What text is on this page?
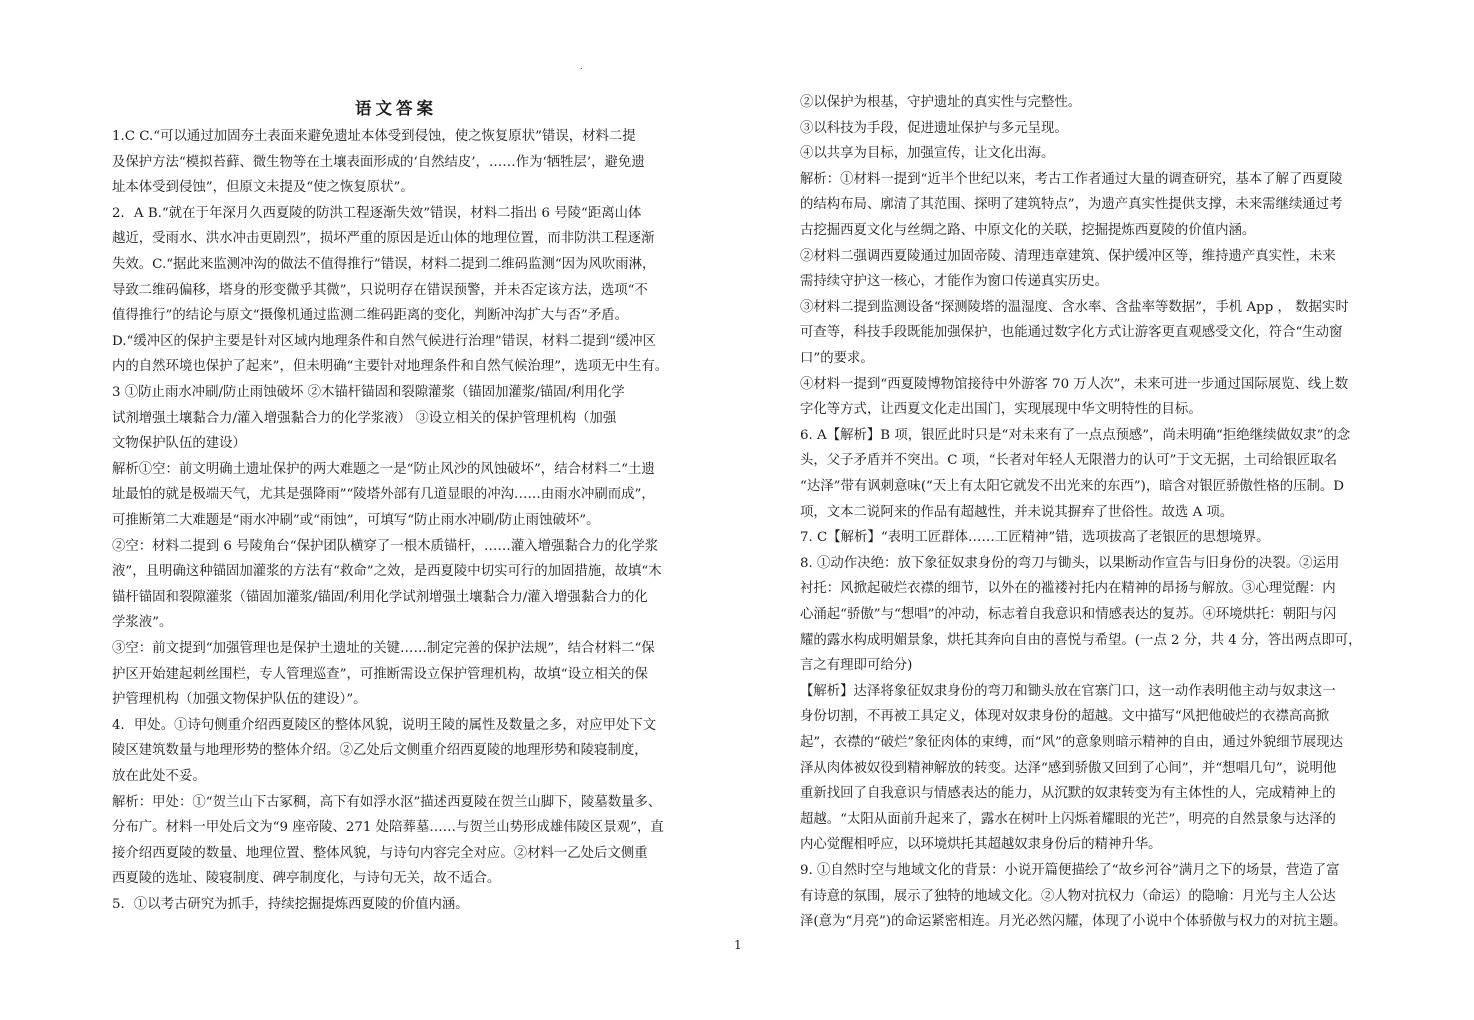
.
语文答案
1.C C.“可以通过加固夯土表面来避免遗址本体受到侵蚀，使之恢复原状”错误，材料二提
及保护方法“模拟苔藓、微生物等在土壤表面形成的‘自然结皮’，……作为‘牺牲层’，避免遗
址本体受到侵蚀”，但原文未提及“使之恢复原状”。
2．A B.“就在于年深月久西夏陵的防洪工程逐渐失效”错误，材料二指出 6 号陵“距离山体
越近，受雨水、洪水冲击更剧烈”，损坏严重的原因是近山体的地理位置，而非防洪工程逐渐
失效。C.“据此来监测冲沟的做法不值得推行”错误，材料二提到二维码监测“因为风吹雨淋，
导致二维码偏移，塔身的形变微乎其微”，只说明存在错误预警，并未否定该方法，选项“不
值得推行”的结论与原文“摄像机通过监测二维码距离的变化，判断冲沟扩大与否”矛盾。
D.“缓冲区的保护主要是针对区域内地理条件和自然气候进行治理”错误，材料二提到“缓冲区
内的自然环境也保护了起来”，但未明确“主要针对地理条件和自然气候治理”，选项无中生有。
3 ①防止雨水冲刷/防止雨蚀破坏 ②木锚杆锚固和裂隙灌浆（锚固加灌浆/锚固/利用化学
试剂增强土壤黏合力/灌入增强黏合力的化学浆液） ③设立相关的保护管理机构（加强
文物保护队伍的建设）
解析①空：前文明确土遗址保护的两大难题之一是“防止风沙的风蚀破坏”，结合材料二“土遗
址最怕的就是极端天气，尤其是强降雨”“陵塔外部有几道显眼的冲沟……由雨水冲刷而成”，
可推断第二大难题是“雨水冲刷”或“雨蚀”，可填写“防止雨水冲刷/防止雨蚀破坏”。
②空：材料二提到 6 号陵角台“保护团队横穿了一根木质锚杆，……灌入增强黏合力的化学浆
液”，且明确这种锚固加灌浆的方法有“救命”之效，是西夏陵中切实可行的加固措施，故填“木
锚杆锚固和裂隙灌浆（锚固加灌浆/锚固/利用化学试剂增强土壤黏合力/灌入增强黏合力的化
学浆液”。
③空：前文提到“加强管理也是保护土遗址的关键……制定完善的保护法规”，结合材料二“保
护区开始建起刺丝围栏，专人管理巡查”，可推断需设立保护管理机构，故填“设立相关的保
护管理机构（加强文物保护队伍的建设）”。
4．甲处。①诗句侧重介绍西夏陵区的整体风貌，说明王陵的属性及数量之多，对应甲处下文
陵区建筑数量与地理形势的整体介绍。②乙处后文侧重介绍西夏陵的地理形势和陵寝制度，
放在此处不妥。
解析：甲处：①“贺兰山下古冢稠，高下有如浮水沤”描述西夏陵在贺兰山脚下，陵墓数量多、
分布广。材料一甲处后文为“9 座帝陵、271 处陪葬墓……与贺兰山势形成雄伟陵区景观”，直
接介绍西夏陵的数量、地理位置、整体风貌，与诗句内容完全对应。②材料一乙处后文侧重
西夏陵的选址、陵寝制度、碑亭制度化，与诗句无关，故不适合。
5．①以考古研究为抓手，持续挖掘提炼西夏陵的价值内涵。
②以保护为根基，守护遗址的真实性与完整性。
③以科技为手段，促进遗址保护与多元呈现。
④以共享为目标，加强宣传，让文化出海。
解析：①材料一提到“近半个世纪以来，考古工作者通过大量的调查研究，基本了解了西夏陵
的结构布局、廓清了其范围、探明了建筑特点”，为遗产真实性提供支撑，未来需继续通过考
古挖掘西夏文化与丝绸之路、中原文化的关联，挖掘提炼西夏陵的价值内涵。
②材料二强调西夏陵通过加固帝陵、清理违章建筑、保护缓冲区等，维持遗产真实性，未来
需持续守护这一核心，才能作为窗口传递真实历史。
③材料二提到监测设备“探测陵塔的温湿度、含水率、含盐率等数据”，手机 App ， 数据实时
可查等，科技手段既能加强保护，也能通过数字化方式让游客更直观感受文化，符合“生动窗
口”的要求。
④材料一提到“西夏陵博物馆接待中外游客 70 万人次”，未来可进一步通过国际展览、线上数
字化等方式，让西夏文化走出国门，实现展现中华文明特性的目标。
6. A【解析】B 项，银匠此时只是“对未来有了一点点预感”，尚未明确“拒绝继续做奴隶”的念
头，父子矛盾并不突出。C 项，“长者对年轻人无限潜力的认可”于文无据，土司给银匠取名
“达泽”带有讽刺意味(“天上有太阳它就发不出光来的东西”)，暗含对银匠骄傲性格的压制。D
项，文本二说阿来的作品有超越性，并未说其摒弃了世俗性。故选 A 项。
7. C【解析】“表明工匠群体……工匠精神”错，选项拔高了老银匠的思想境界。
8. ①动作决绝：放下象征奴隶身份的弯刀与锄头，以果断动作宣告与旧身份的决裂。②运用
衬托：风掀起破烂衣襟的细节，以外在的褴褛衬托内在精神的昂扬与解放。③心理觉醒：内
心涌起“骄傲”与“想唱”的冲动，标志着自我意识和情感表达的复苏。④环境烘托：朝阳与闪
耀的露水构成明媚景象，烘托其奔向自由的喜悦与希望。(一点 2 分，共 4 分，答出两点即可，
言之有理即可给分)
【解析】达泽将象征奴隶身份的弯刀和锄头放在官寨门口，这一动作表明他主动与奴隶这一
身份切割，不再被工具定义，体现对奴隶身份的超越。文中描写“风把他破烂的衣襟高高掀
起”，衣襟的“破烂”象征肉体的束缚，而“风”的意象则暗示精神的自由，通过外貌细节展现达
泽从肉体被奴役到精神解放的转变。达泽“感到骄傲又回到了心间”，并“想唱几句”，说明他
重新找回了自我意识与情感表达的能力，从沉默的奴隶转变为有主体性的人，完成精神上的
超越。“太阳从面前升起来了，露水在树叶上闪烁着耀眼的光芒”，明亮的自然景象与达泽的
内心觉醒相呼应，以环境烘托其超越奴隶身份后的精神升华。
9. ①自然时空与地域文化的背景：小说开篇便描绘了“故乡河谷”满月之下的场景，营造了富
有诗意的氛围，展示了独特的地域文化。②人物对抗权力（命运）的隐喻：月光与主人公达
泽(意为“月亮”)的命运紧密相连。月光必然闪耀，体现了小说中个体骄傲与权力的对抗主题。
1
